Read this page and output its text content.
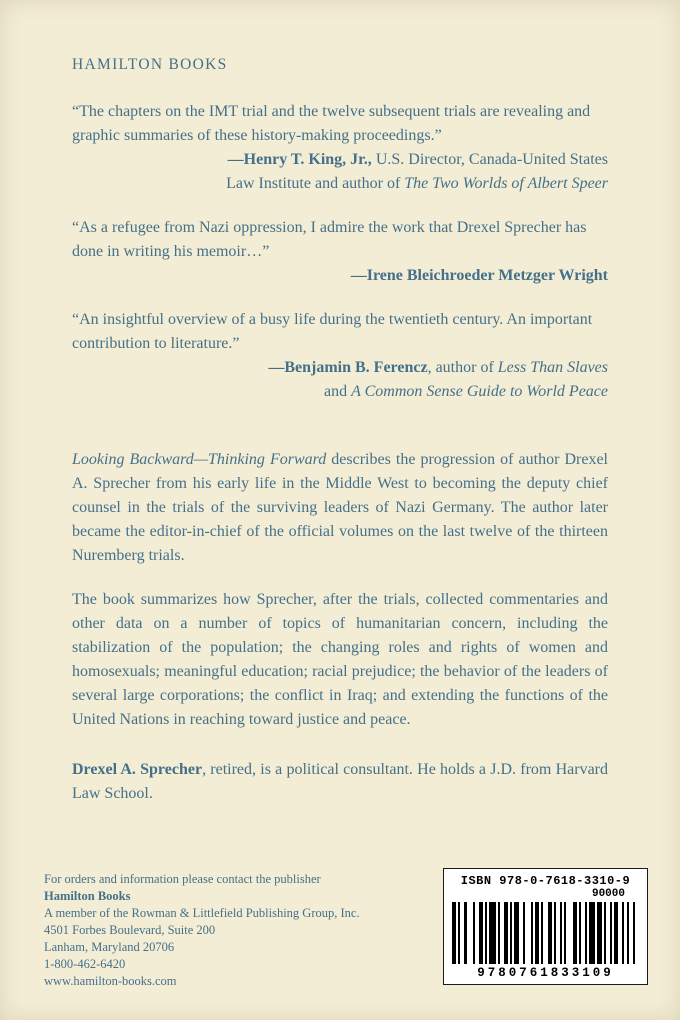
HAMILTON BOOKS

“The chapters on the IMT trial and the twelve subsequent trials are revealing and graphic summaries of these history-making proceedings.”

—Henry T. King, Jr., U.S. Director, Canada-United States
Law Institute and author of The Two Worlds of Albert Speer

“As a refugee from Nazi oppression, I admire the work that Drexel Sprecher has done in writing his memoir…”

—Irene Bleichroeder Metzger Wright

“An insightful overview of a busy life during the twentieth century. An important contribution to literature.”

—Benjamin B. Ferencz, author of Less Than Slaves
and A Common Sense Guide to World Peace

Looking Backward—Thinking Forward describes the progression of author Drexel A. Sprecher from his early life in the Middle West to becoming the deputy chief counsel in the trials of the surviving leaders of Nazi Germany. The author later became the editor-in-chief of the official volumes on the last twelve of the thirteen Nuremberg trials.

The book summarizes how Sprecher, after the trials, collected commentaries and other data on a number of topics of humanitarian concern, including the stabilization of the population; the changing roles and rights of women and homosexuals; meaningful education; racial prejudice; the behavior of the leaders of several large corporations; the conflict in Iraq; and extending the functions of the United Nations in reaching toward justice and peace.

Drexel A. Sprecher, retired, is a political consultant. He holds a J.D. from Harvard Law School.

For orders and information please contact the publisher
Hamilton Books
A member of the Rowman & Littlefield Publishing Group, Inc.
4501 Forbes Boulevard, Suite 200
Lanham, Maryland 20706
1-800-462-6420
www.hamilton-books.com
ISBN 978-0-7618-3310-9
90000
9780761833109
